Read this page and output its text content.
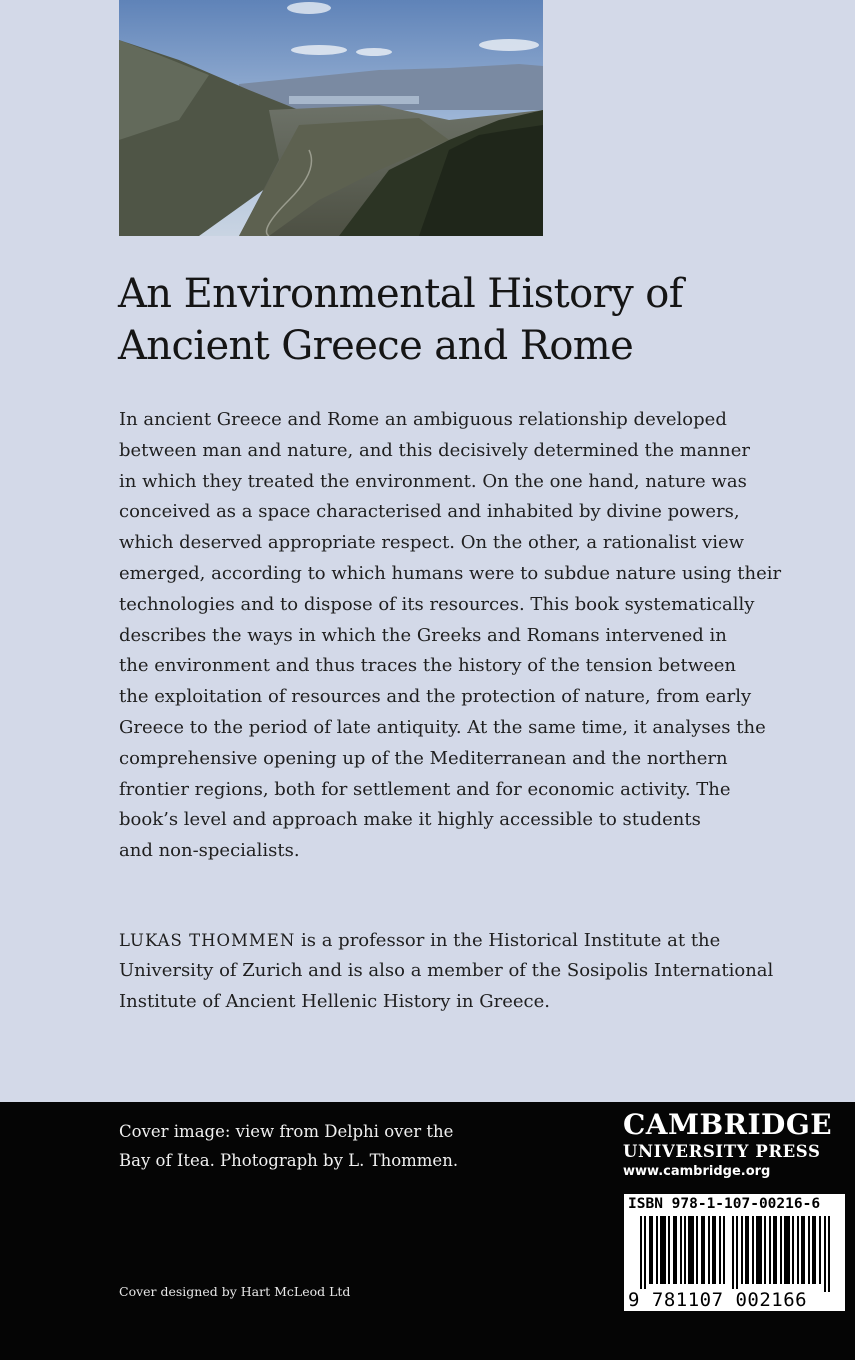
An Environmental History of
Ancient Greece and Rome

In ancient Greece and Rome an ambiguous relationship developed
between man and nature, and this decisively determined the manner
in which they treated the environment. On the one hand, nature was
conceived as a space characterised and inhabited by divine powers,
which deserved appropriate respect. On the other, a rationalist view
emerged, according to which humans were to subdue nature using their
technologies and to dispose of its resources. This book systematically
describes the ways in which the Greeks and Romans intervened in
the environment and thus traces the history of the tension between
the exploitation of resources and the protection of nature, from early
Greece to the period of late antiquity. At the same time, it analyses the
comprehensive opening up of the Mediterranean and the northern
frontier regions, both for settlement and for economic activity. The
book’s level and approach make it highly accessible to students
and non-specialists.

LUKAS THOMMEN is a professor in the Historical Institute at the
University of Zurich and is also a member of the Sosipolis International
Institute of Ancient Hellenic History in Greece.

Cover image: view from Delphi over the
Bay of Itea. Photograph by L. Thommen.
Cover designed by Hart McLeod Ltd
CAMBRIDGE
UNIVERSITY PRESS
www.cambridge.org
ISBN 978-1-107-00216-6
9 781107 002166
